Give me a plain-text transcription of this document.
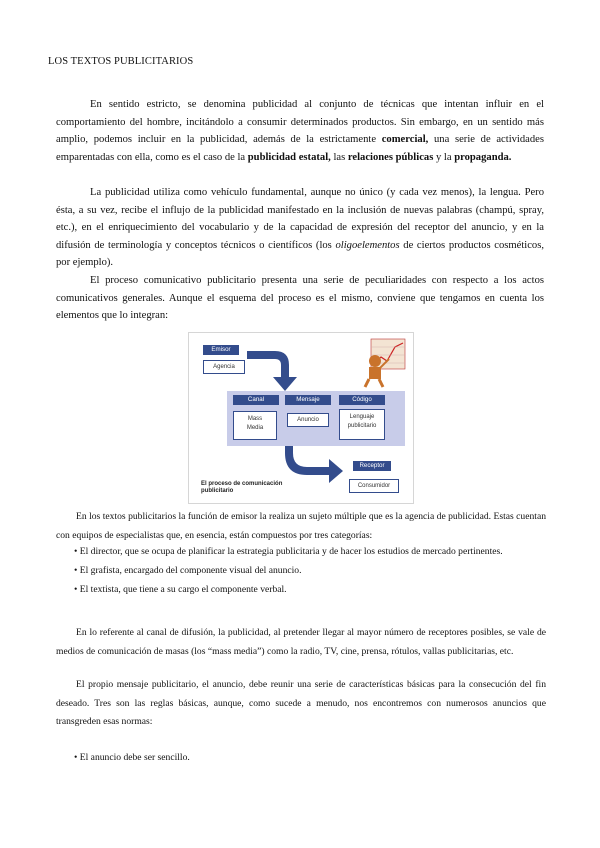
LOS TEXTOS PUBLICITARIOS

En sentido estricto, se denomina publicidad al conjunto de técnicas que intentan influir en el comportamiento del hombre, incitándolo a consumir determinados productos. Sin embargo, en un sentido más amplio, podemos incluir en la publicidad, además de la estrictamente comercial, una serie de actividades emparentadas con ella, como es el caso de la publicidad estatal, las relaciones públicas y la propaganda.

La publicidad utiliza como vehículo fundamental, aunque no único (y cada vez menos), la lengua. Pero ésta, a su vez, recibe el influjo de la publicidad manifestado en la inclusión de nuevas palabras (champú, spray, etc.), en el enriquecimiento del vocabulario y de la capacidad de expresión del receptor del anuncio, y en la difusión de terminología y conceptos técnicos o científicos (los oligoelementos de ciertos productos cosméticos, por ejemplo).

El proceso comunicativo publicitario presenta una serie de peculiaridades con respecto a los actos comunicativos generales. Aunque el esquema del proceso es el mismo, conviene que tengamos en cuenta los elementos que lo integran:

Emisor
Agencia
Canal	Mensaje	Código
Mass
Media
Anuncio	Lenguaje
publicitario
Receptor
Consumidor
El proceso de comunicación
publicitario

En los textos publicitarios la función de emisor la realiza un sujeto múltiple que es la agencia de publicidad. Estas cuentan con equipos de especialistas que, en esencia, están compuestos por tres categorías:

• El director, que se ocupa de planificar la estrategia publicitaria y de hacer los estudios de mercado pertinentes.
• El grafista, encargado del componente visual del anuncio.
• El textista, que tiene a su cargo el componente verbal.

En lo referente al canal de difusión, la publicidad, al pretender llegar al mayor número de receptores posibles, se vale de medios de comunicación de masas (los “mass media”) como la radio, TV, cine, prensa, rótulos, vallas publicitarias, etc.

El propio mensaje publicitario, el anuncio, debe reunir una serie de características básicas para la consecución del fin deseado. Tres son las reglas básicas, aunque, como sucede a menudo, nos encontremos con numerosos anuncios que transgreden esas normas:

• El anuncio debe ser sencillo.
